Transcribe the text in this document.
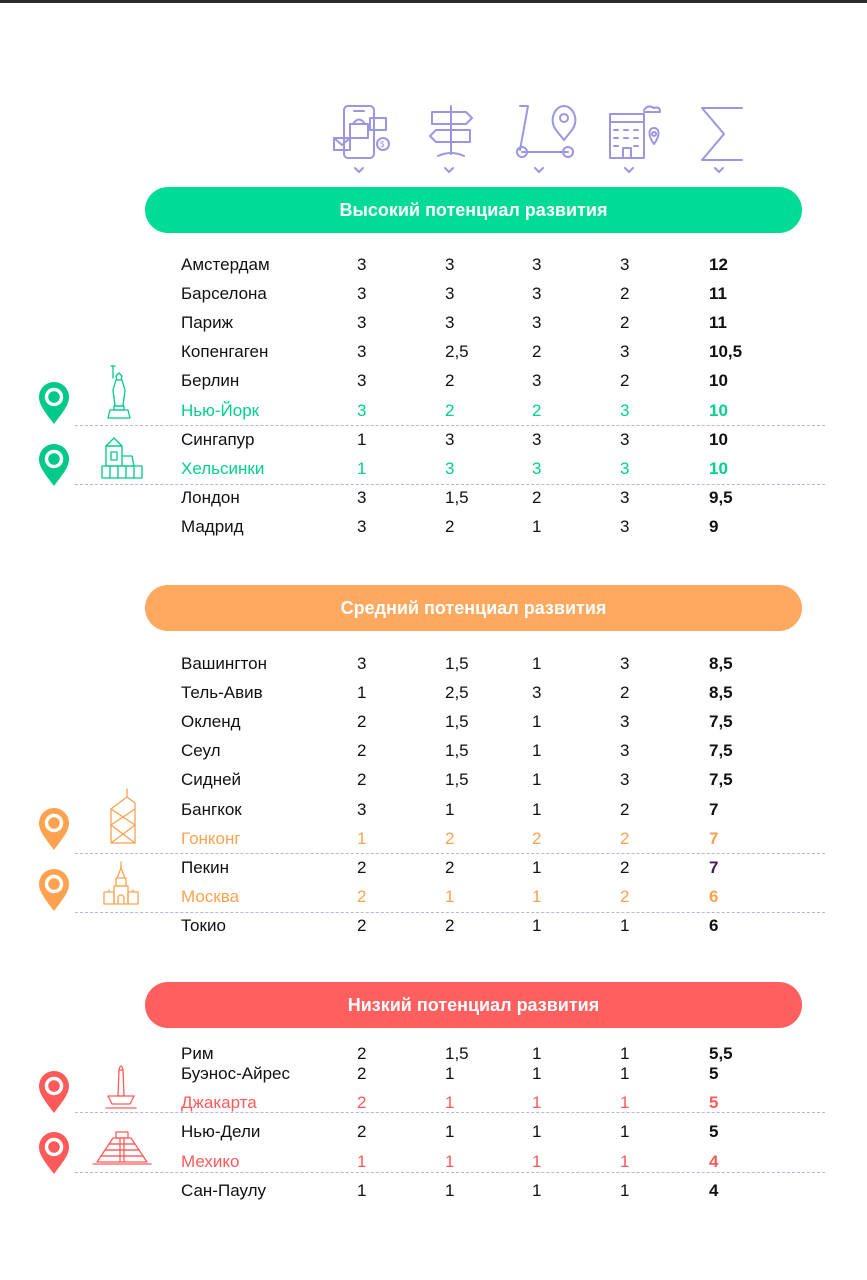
$
Высокий потенциал развития
Средний потенциал развития
Низкий потенциал развития
Амстердам	3	3	3	3	12
Барселона	3	3	3	2	11
Париж	3	3	3	2	11
Копенгаген	3	2,5	2	3	10,5
Берлин	3	2	3	2	10
Нью-Йорк	3	2	2	3	10
Сингапур	1	3	3	3	10
Хельсинки	1	3	3	3	10
Лондон	3	1,5	2	3	9,5
Мадрид	3	2	1	3	9
Вашингтон	3	1,5	1	3	8,5
Тель-Авив	1	2,5	3	2	8,5
Окленд	2	1,5	1	3	7,5
Сеул	2	1,5	1	3	7,5
Сидней	2	1,5	1	3	7,5
Бангкок	3	1	1	2	7
Гонконг	1	2	2	2	7
Пекин	2	2	1	2	7
Москва	2	1	1	2	6
Токио	2	2	1	1	6
Рим	2	1,5	1	1	5,5
Буэнос-Айрес	2	1	1	1	5
Джакарта	2	1	1	1	5
Нью-Дели	2	1	1	1	5
Мехико	1	1	1	1	4
Сан-Паулу	1	1	1	1	4
